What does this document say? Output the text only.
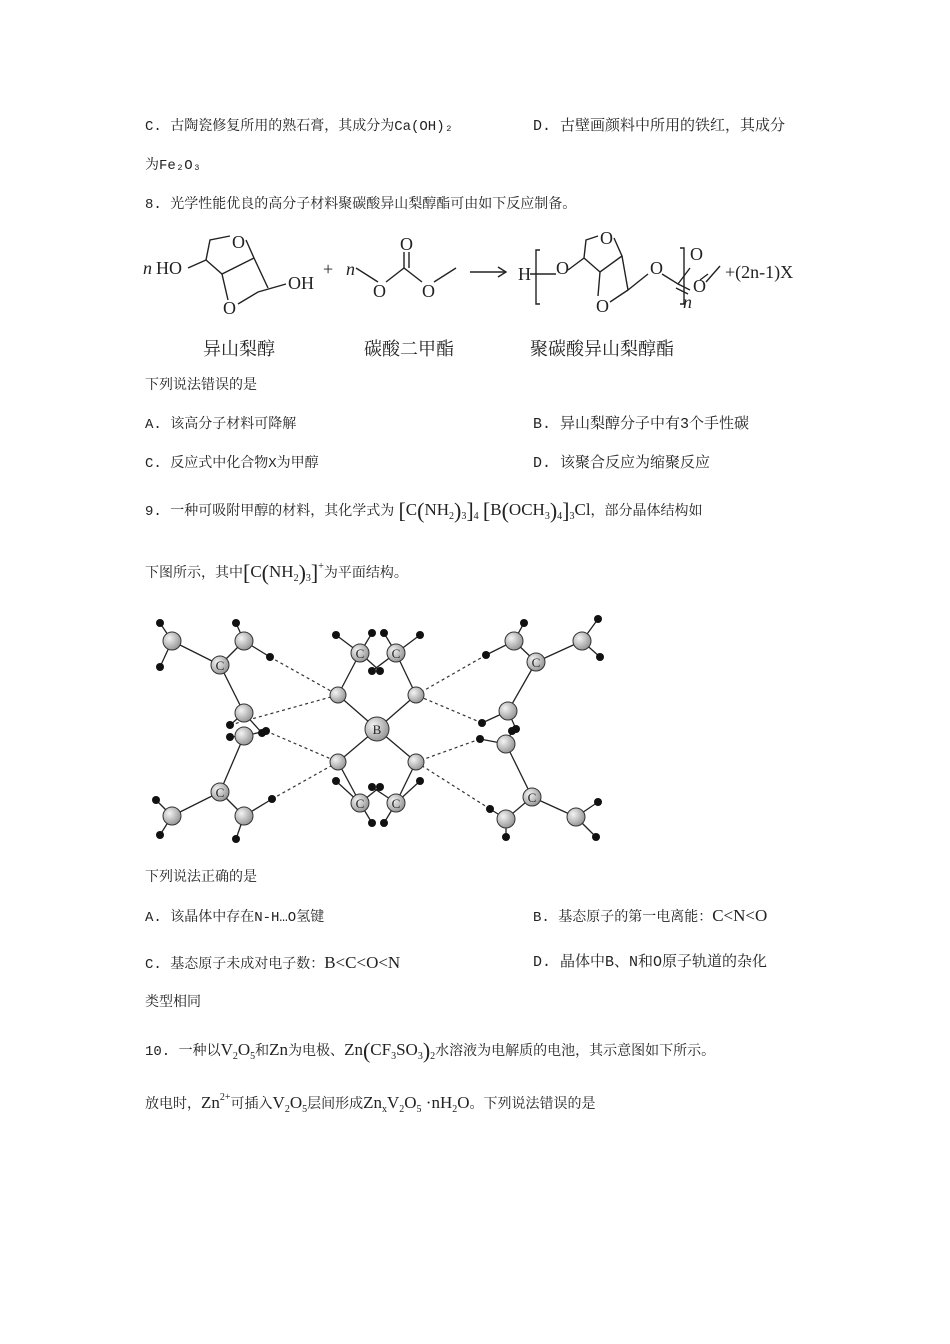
C. 古陶瓷修复所用的熟石膏，其成分为Ca(OH)₂	D. 古壁画颜料中所用的铁红，其成分
为Fe₂O₃
8. 光学性能优良的高分子材料聚碳酸异山梨醇酯可由如下反应制备。
n HO
OH
O
O
+ n
O
O O
H O
O
O
O
O
O
n
+(2n-1)X
异山梨醇	碳酸二甲酯	聚碳酸异山梨醇酯
下列说法错误的是
A. 该高分子材料可降解	B. 异山梨醇分子中有3个手性碳
C. 反应式中化合物X为甲醇	D. 该聚合反应为缩聚反应
9. 一种可吸附甲醇的材料，其化学式为 $[C(NH_2)_3]_4$ $[B(OCH_3)_4]_3Cl$，部分晶体结构如
下图所示，其中$[C(NH_2)_3]^+$为平面结构。
C
C
C
C
C C
C C
B
下列说法正确的是
A. 该晶体中存在N-H…O氢键	B. 基态原子的第一电离能：C<N<O
C. 基态原子未成对电子数：B<C<O<N	D. 晶体中B、N和O原子轨道的杂化
类型相同
10. 一种以$V_2O_5$和Zn为电极、$Zn(CF_3SO_3)_2$水溶液为电解质的电池，其示意图如下所示。
放电时，$Zn^{2+}$可插入$V_2O_5$层间形成$Zn_xV_2O_5 \cdot nH_2O$。下列说法错误的是
